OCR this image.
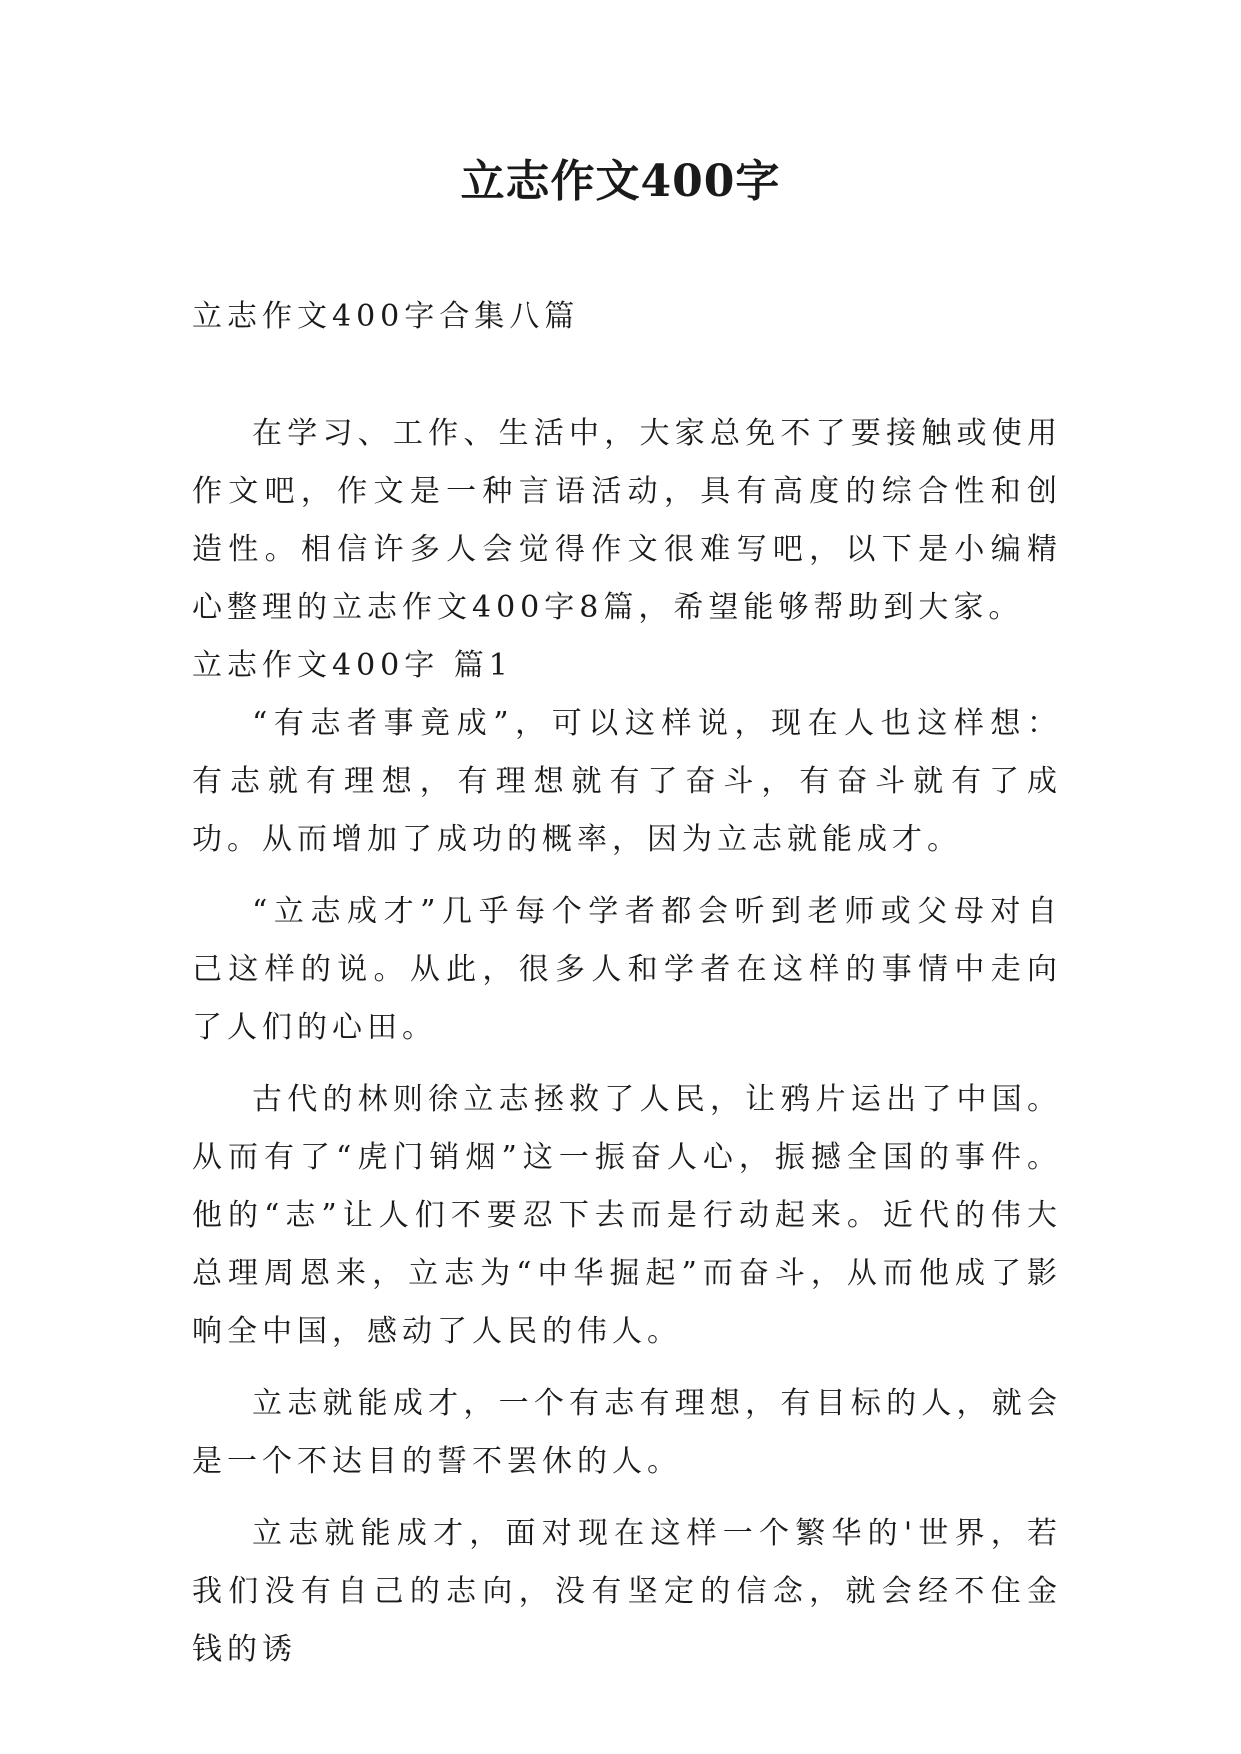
立志作文400字

立志作文400字合集八篇

在学习、工作、生活中，大家总免不了要接触或使用作文吧，作文是一种言语活动，具有高度的综合性和创造性。相信许多人会觉得作文很难写吧，以下是小编精心整理的立志作文400字8篇，希望能够帮助到大家。

立志作文400字 篇1

“有志者事竟成”，可以这样说，现在人也这样想：有志就有理想，有理想就有了奋斗，有奋斗就有了成功。从而增加了成功的概率，因为立志就能成才。

“立志成才”几乎每个学者都会听到老师或父母对自己这样的说。从此，很多人和学者在这样的事情中走向了人们的心田。

古代的林则徐立志拯救了人民，让鸦片运出了中国。从而有了“虎门销烟”这一振奋人心，振撼全国的事件。他的“志”让人们不要忍下去而是行动起来。近代的伟大总理周恩来，立志为“中华掘起”而奋斗，从而他成了影响全中国，感动了人民的伟人。

立志就能成才，一个有志有理想，有目标的人，就会是一个不达目的誓不罢休的人。

立志就能成才，面对现在这样一个繁华的'世界，若我们没有自己的志向，没有坚定的信念，就会经不住金钱的诱
